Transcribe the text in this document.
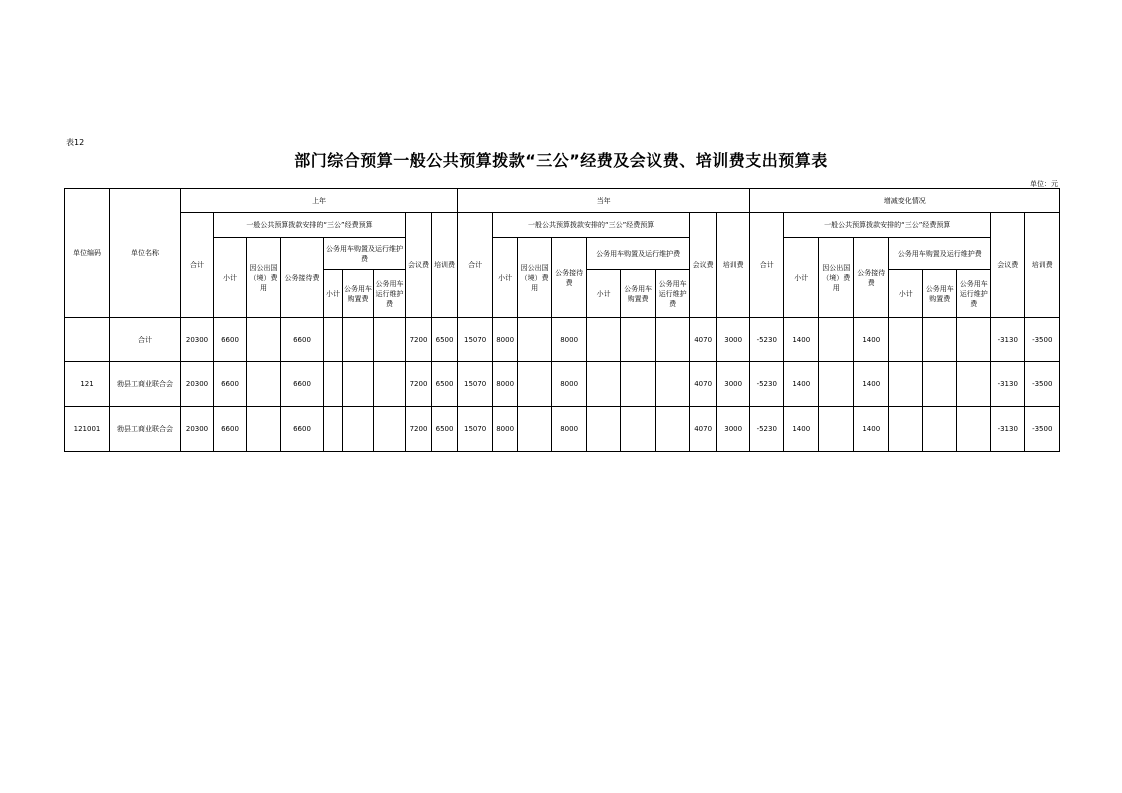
表12
部门综合预算一般公共预算拨款“三公”经费及会议费、培训费支出预算表
单位：元
单位编码	单位名称	上年									当年									增减变化情况								
		合计	一般公共预算拨款安排的“三公”经费预算						会议费	培训费	合计	一般公共预算拨款安排的“三公”经费预算						会议费	培训费	合计	一般公共预算拨款安排的“三公”经费预算						会议费	培训费
			小计	因公出国（境）费用	公务接待费	公务用车购置及运行维护费						小计	因公出国（境）费用	公务接待费	公务用车购置及运行维护费						小计	因公出国（境）费用	公务接待费	公务用车购置及运行维护费				
						小计	公务用车购置费	公务用车运行维护费							小计	公务用车购置费	公务用车运行维护费							小计	公务用车购置费	公务用车运行维护费		
	合计	20300	6600		6600				7200	6500	15070	8000		8000				4070	3000	-5230	1400		1400				-3130	-3500
121	勃县工商业联合会	20300	6600		6600				7200	6500	15070	8000		8000				4070	3000	-5230	1400		1400				-3130	-3500
121001	勃县工商业联合会	20300	6600		6600				7200	6500	15070	8000		8000				4070	3000	-5230	1400		1400				-3130	-3500
